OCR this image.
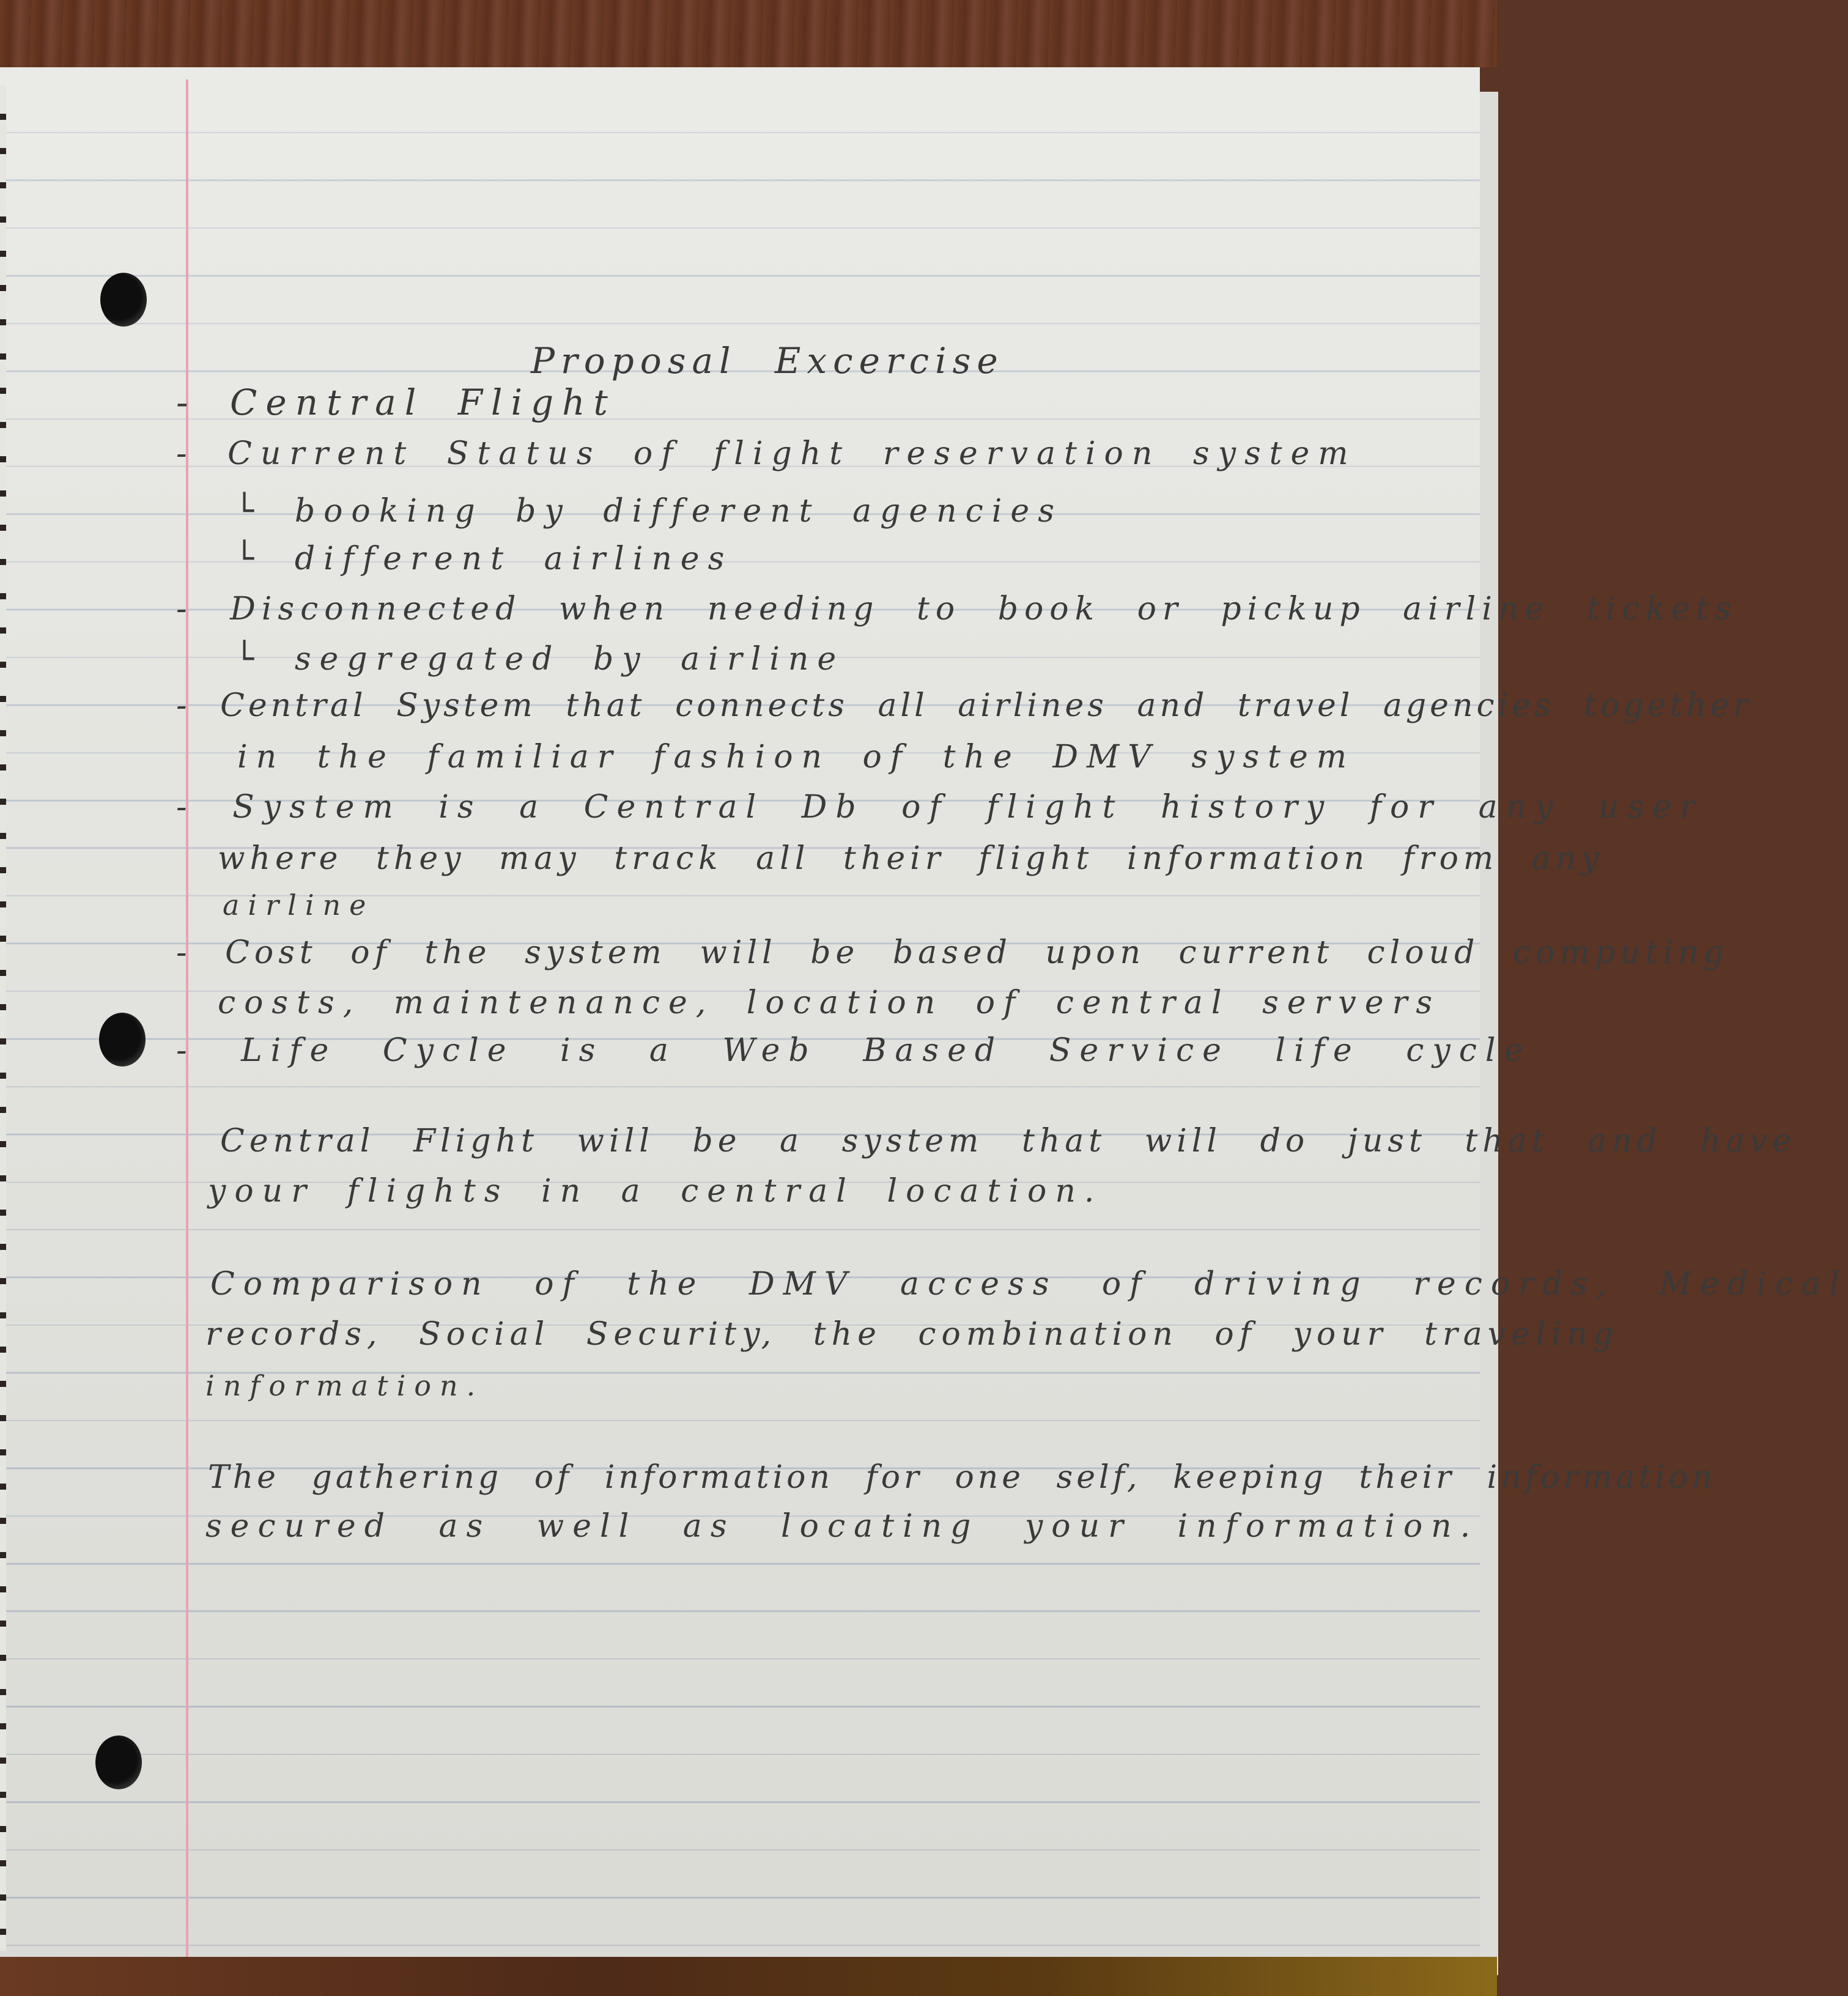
Proposal Excercise
- Central Flight
- Current Status of flight reservation system
└ booking by different agencies
└ different airlines
- Disconnected when needing to book or pickup airline tickets
└ segregated by airline
- Central System that connects all airlines and travel agencies together
in the familiar fashion of the DMV system
- System is a Central Db of flight history for any user
where they may track all their flight information from any
airline
- Cost of the system will be based upon current cloud computing
costs, maintenance, location of central servers
- Life Cycle is a Web Based Service life cycle
Central Flight will be a system that will do just that and have
your flights in a central location.
Comparison of the DMV access of driving records, Medical
records, Social Security, the combination of your traveling
information.
The gathering of information for one self, keeping their information
secured as well as locating your information.
